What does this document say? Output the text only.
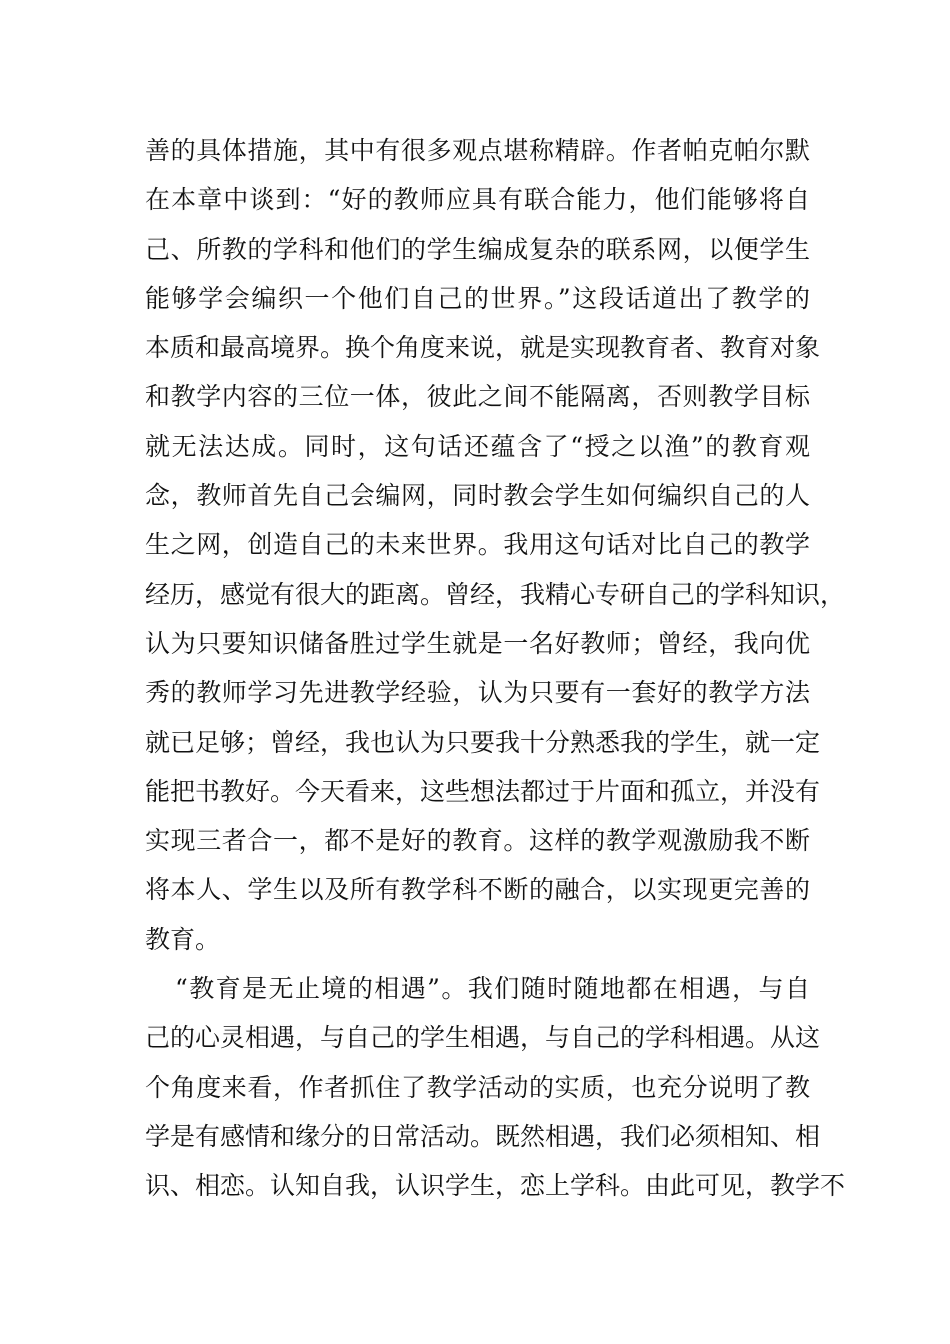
善的具体措施，其中有很多观点堪称精辟。作者帕克帕尔默
在本章中谈到：“好的教师应具有联合能力，他们能够将自
己、所教的学科和他们的学生编成复杂的联系网，以便学生
能够学会编织一个他们自己的世界。”这段话道出了教学的
本质和最高境界。换个角度来说，就是实现教育者、教育对象
和教学内容的三位一体，彼此之间不能隔离，否则教学目标
就无法达成。同时，这句话还蕴含了“授之以渔”的教育观
念，教师首先自己会编网，同时教会学生如何编织自己的人
生之网，创造自己的未来世界。我用这句话对比自己的教学
经历，感觉有很大的距离。曾经，我精心专研自己的学科知识，
认为只要知识储备胜过学生就是一名好教师；曾经，我向优
秀的教师学习先进教学经验，认为只要有一套好的教学方法
就已足够；曾经，我也认为只要我十分熟悉我的学生，就一定
能把书教好。今天看来，这些想法都过于片面和孤立，并没有
实现三者合一，都不是好的教育。这样的教学观激励我不断
将本人、学生以及所有教学科不断的融合，以实现更完善的
教育。
“教育是无止境的相遇”。我们随时随地都在相遇，与自
己的心灵相遇，与自己的学生相遇，与自己的学科相遇。从这
个角度来看，作者抓住了教学活动的实质，也充分说明了教
学是有感情和缘分的日常活动。既然相遇，我们必须相知、相
识、相恋。认知自我，认识学生，恋上学科。由此可见，教学不
